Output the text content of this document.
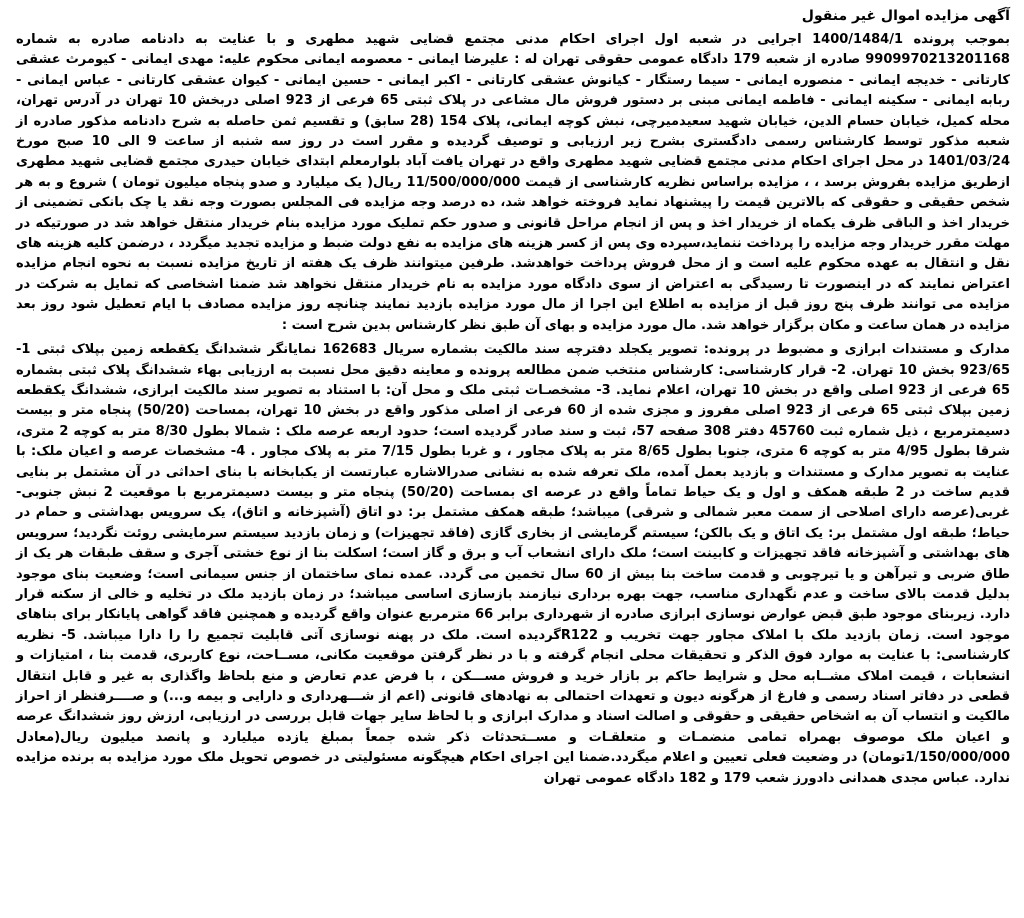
آگهی مزایده اموال غیر منقول

بموجب پرونده 1400/1484/1 اجرایی در شعبه اول اجرای احکام مدنی مجتمع قضایی شهید مطهری و با عنایت به دادنامه صادره به شماره 9909970213201168 صادره از شعبه 179 دادگاه عمومی حقوقی تهران له : علیرضا ایمانی - معصومه ایمانی محکوم علیه: مهدی ایمانی - کیومرث عشقی کارتانی - خدیجه ایمانی - منصوره ایمانی - سیما رستگار - کیانوش عشقی کارتانی - اکبر ایمانی - حسین ایمانی - کیوان عشقی کارتانی - عباس ایمانی - ربابه ایمانی - سکینه ایمانی - فاطمه ایمانی مبنی بر دستور فروش مال مشاعی در پلاک ثبتی 65 فرعی از 923 اصلی دربخش 10 تهران در آدرس تهران، محله کمیل، خیابان حسام الدین، خیابان شهید سعیدمیرچی، نبش کوچه ایمانی، پلاک 154 (28 سابق) و تقسیم ثمن حاصله به شرح دادنامه مذکور صادره از شعبه مذکور توسط کارشناس رسمی دادگستری بشرح زیر ارزیابی و توصیف گردیده و مقرر است در روز سه شنبه از ساعت 9 الی 10 صبح مورخ 1401/03/24 در محل اجرای احکام مدنی مجتمع قضایی شهید مطهری واقع در تهران یافت آباد بلوارمعلم ابتدای خیابان حیدری مجتمع قضایی شهید مطهری ازطریق مزایده بفروش برسد ، ، مزایده براساس نظریه کارشناسی از قیمت 11/500/000/000 ریال( یک میلیارد و صدو پنجاه میلیون تومان ) شروع و به هر شخص حقیقی و حقوقی که بالاترین قیمت را پیشنهاد نماید فروخته خواهد شد، ده درصد وجه مزایده فی المجلس بصورت وجه نقد یا چک بانکی تضمینی از خریدار اخذ و الباقی ظرف یکماه از خریدار اخذ و پس از انجام مراحل قانونی و صدور حکم تملیک مورد مزایده بنام خریدار منتقل خواهد شد در صورتیکه در مهلت مقرر خریدار وجه مزایده را پرداخت ننماید،سپرده وی پس از کسر هزینه های مزایده به نفع دولت ضبط و مزایده تجدید میگردد ، درضمن کلیه هزینه های نقل و انتقال به عهده محکوم علیه است و از محل فروش پرداخت خواهدشد. طرفین میتوانند ظرف یک هفته از تاریخ مزایده نسبت به نحوه انجام مزایده اعتراض نمایند که در اینصورت تا رسیدگی به اعتراض از سوی دادگاه مورد مزایده به نام خریدار منتقل نخواهد شد ضمنا اشخاصی که تمایل به شرکت در مزایده می توانند ظرف پنج روز قبل از مزایده به اطلاع این اجرا از مال مورد مزایده بازدید نمایند چنانچه روز مزایده مصادف با ایام تعطیل شود روز بعد مزایده در همان ساعت و مکان برگزار خواهد شد. مال مورد مزایده و بهای آن طبق نظر کارشناس بدین شرح است :

مدارک و مستندات ابرازی و مضبوط در پرونده: تصویر یکجلد دفترچه سند مالکیت بشماره سریال 162683 نمایانگر ششدانگ یکقطعه زمین بپلاک ثبتی 1-923/65 بخش 10 تهران. 2- قرار کارشناسی: کارشناس منتخب ضمن مطالعه پرونده و معاینه دقیق محل نسبت به ارزیابی بهاء ششدانگ پلاک ثبتی بشماره 65 فرعی از 923 اصلی واقع در بخش 10 تهران، اعلام نماید. 3- مشخصـات ثبتی ملک و محل آن: با استناد به تصویر سند مالکیت ابرازی، ششدانگ یکقطعه زمین بپلاک ثبتی 65 فرعی از 923 اصلی مفروز و مجزی شده از 60 فرعی از اصلی مذکور واقع در بخش 10 تهران، بمساحت (50/20) پنجاه متر و بیست دسیمترمربع ، ذیل شماره ثبت 45760 دفتر 308 صفحه 57، ثبت و سند صادر گردیده است؛ حدود اربعه عرصه ملک : شمالا بطول 8/30 متر به کوچه 2 متری، شرقا بطول 4/95 متر به کوچه 6 متری، جنوبا بطول 8/65 متر به پلاک مجاور ، و غربا بطول 7/15 متر به پلاک مجاور . 4- مشخصات عرصه و اعیان ملک: با عنایت به تصویر مدارک و مستندات و بازدید بعمل آمده، ملک تعرفه شده به نشانی صدرالاشاره عبارتست از یکبابخانه با بنای احداثی در آن مشتمل بر بنایی قدیم ساخت در 2 طبقه همکف و اول و یک حیاط تماماً واقع در عرصه ای بمساحت (50/20) پنجاه متر و بیست دسیمترمربع با موقعیت 2 نبش جنوبی- غربی(عرصه دارای اصلاحی از سمت معبر شمالی و شرقی) میباشد؛ طبقه همکف مشتمل بر: دو اتاق (آشپزخانه و اتاق)، یک سرویس بهداشتی و حمام در حیاط؛ طبقه اول مشتمل بر: یک اتاق و یک بالکن؛ سیستم گرمایشی از بخاری گازی (فاقد تجهیزات) و زمان بازدید سیستم سرمایشی روئت نگردید؛ سرویس های بهداشتی و آشپزخانه فاقد تجهیزات و کابینت است؛ ملک دارای انشعاب آب و برق و گاز است؛ اسکلت بنا از نوع خشتی آجری و سقف طبقات هر یک از طاق ضربی و تیرآهن و یا تیرچوبی و قدمت ساخت بنا بیش از 60 سال تخمین می گردد. عمده نمای ساختمان از جنس سیمانی است؛ وضعیت بنای موجود بدلیل قدمت بالای ساخت و عدم نگهداری مناسب، جهت بهره برداری نیازمند بازسازی اساسی میباشد؛ در زمان بازدید ملک در تخلیه و خالی از سکنه قرار دارد. زیربنای موجود طبق قبض عوارض نوسازی ابرازی صادره از شهرداری برابر 66 مترمربع عنوان واقع گردیده و همچنین فاقد گواهی پایانکار برای بناهای موجود است. زمان بازدید ملک با املاک مجاور جهت تخریب و R122گردیده است. ملک در پهنه نوسازی آتی قابلیت تجمیع را را دارا میباشد. 5- نظریه کارشناسی: با عنایت به موارد فوق الذکر و تحقیقات محلی انجام گرفته و با در نظر گرفتن موقعیت مکانی، مســاحت، نوع کاربری، قدمت بنا ، امتیازات و انشعابات ، قیمت املاک مشــابه محل و شرایط حاکم بر بازار خرید و فروش مســـکن ، با فرض عدم تعارض و منع بلحاظ واگذاری به غیر و قابل انتقال قطعی در دفاتر اسناد رسمی و فارغ از هرگونه دیون و تعهدات احتمالی به نهادهای قانونی (اعم از شـــهرداری و دارایی و بیمه و...) و صــــرفنظر از احراز مالکیت و انتساب آن به اشخاص حقیقی و حقوقی و اصالت اسناد و مدارک ابرازی و با لحاظ سایر جهات قابل بررسی در ارزیابی، ارزش روز ششدانگ عرصه و اعیان ملک موصوف بهمراه تمامی منضمـات و متعلقـات و مســتحدثات ذکر شده جمعاً بمبلغ یازده میلیارد و پانصد میلیون ریال(معادل 1/150/000/000تومان) در وضعیت فعلی تعیین و اعلام میگردد.ضمنا این اجرای احکام هیچگونه مسئولیتی در خصوص تحویل ملک مورد مزایده به برنده مزایده ندارد. عباس مجدی همدانی دادورز شعب 179 و 182 دادگاه عمومی تهران
